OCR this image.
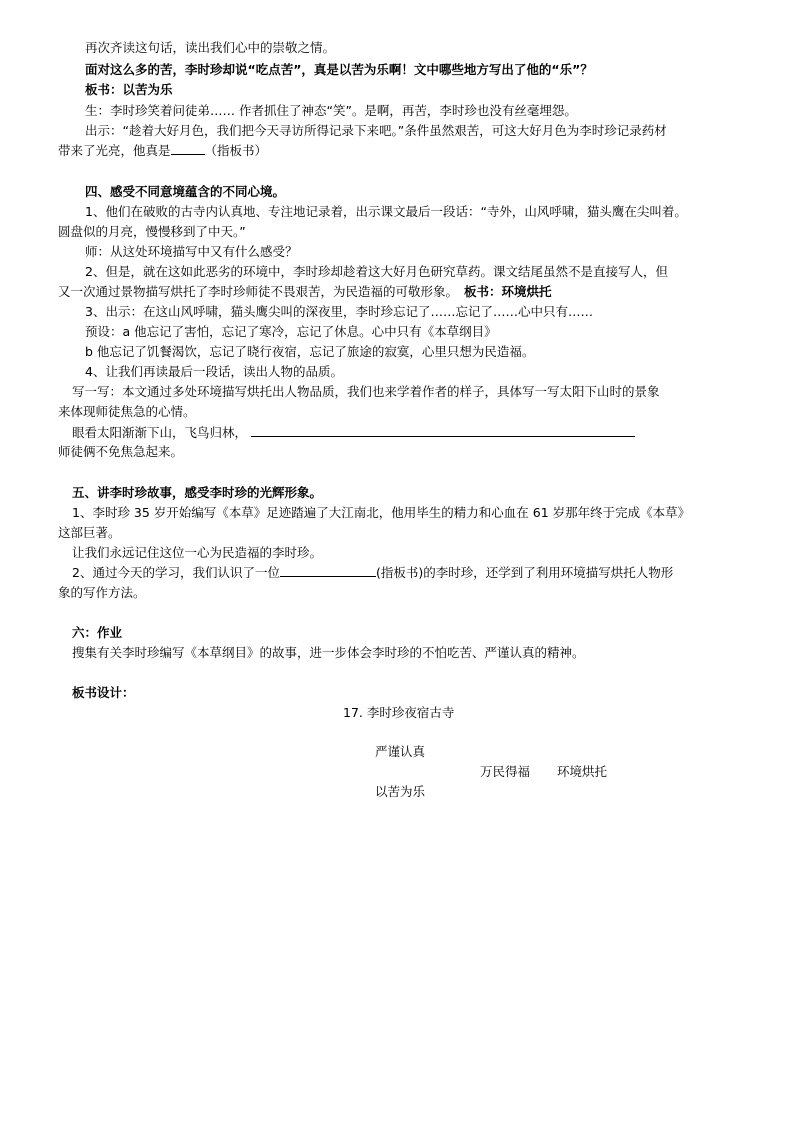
再次齐读这句话，读出我们心中的崇敬之情。
面对这么多的苦，李时珍却说“吃点苦”，真是以苦为乐啊！文中哪些地方写出了他的“乐”？
板书：以苦为乐
生：李时珍笑着问徒弟…… 作者抓住了神态“笑”。是啊，再苦，李时珍也没有丝毫埋怨。
出示：“趁着大好月色，我们把今天寻访所得记录下来吧。”条件虽然艰苦，可这大好月色为李时珍记录药材
带来了光亮，他真是	（指板书）
四、感受不同意境蕴含的不同心境。
1、他们在破败的古寺内认真地、专注地记录着，出示课文最后一段话：“寺外，山风呼啸，猫头鹰在尖叫着。
圆盘似的月亮，慢慢移到了中天。”
师：从这处环境描写中又有什么感受？
2、但是，就在这如此恶劣的环境中，李时珍却趁着这大好月色研究草药。课文结尾虽然不是直接写人，但
又一次通过景物描写烘托了李时珍师徒不畏艰苦，为民造福的可敬形象。 板书：环境烘托
3、出示：在这山风呼啸，猫头鹰尖叫的深夜里，李时珍忘记了……忘记了……心中只有……
预设：a 他忘记了害怕，忘记了寒冷，忘记了休息。心中只有《本草纲目》
b 他忘记了饥餐渴饮，忘记了晓行夜宿，忘记了旅途的寂寞，心里只想为民造福。
4、让我们再读最后一段话，读出人物的品质。
写一写：本文通过多处环境描写烘托出人物品质，我们也来学着作者的样子，具体写一写太阳下山时的景象
来体现师徒焦急的心情。
眼看太阳渐渐下山，飞鸟归林，
师徒俩不免焦急起来。
五、讲李时珍故事，感受李时珍的光辉形象。
1、李时珍 35 岁开始编写《本草》足迹踏遍了大江南北，他用毕生的精力和心血在 61 岁那年终于完成《本草》
这部巨著。
让我们永远记住这位一心为民造福的李时珍。
2、通过今天的学习，我们认识了一位	(指板书)的李时珍，还学到了利用环境描写烘托人物形
象的写作方法。
六：作业
搜集有关李时珍编写《本草纲目》的故事，进一步体会李时珍的不怕吃苦、严谨认真的精神。
板书设计：
17. 李时珍夜宿古寺
严谨认真
万民得福 环境烘托
以苦为乐
